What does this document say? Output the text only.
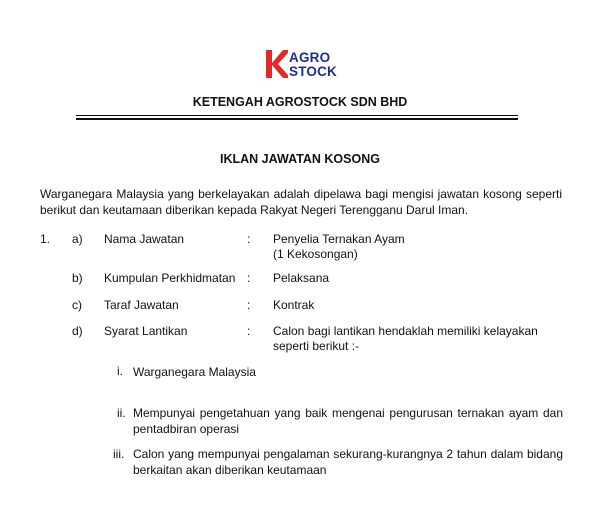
AGRO
STOCK
KETENGAH AGROSTOCK SDN BHD
IKLAN JAWATAN KOSONG
Warganegara Malaysia yang berkelayakan adalah dipelawa bagi mengisi jawatan kosong seperti berikut dan keutamaan diberikan kepada Rakyat Negeri Terengganu Darul Iman.
1. a) Nama Jawatan	: Penyelia Ternakan Ayam
(1 Kekosongan)
b) Kumpulan Perkhidmatan : Pelaksana
c) Taraf Jawatan	: Kontrak
d) Syarat Lantikan	: Calon bagi lantikan hendaklah memiliki kelayakan
seperti berikut :-
i. Warganegara Malaysia
ii. Mempunyai pengetahuan yang baik mengenai pengurusan ternakan ayam dan pentadbiran operasi
iii. Calon yang mempunyai pengalaman sekurang-kurangnya 2 tahun dalam bidang berkaitan akan diberikan keutamaan
